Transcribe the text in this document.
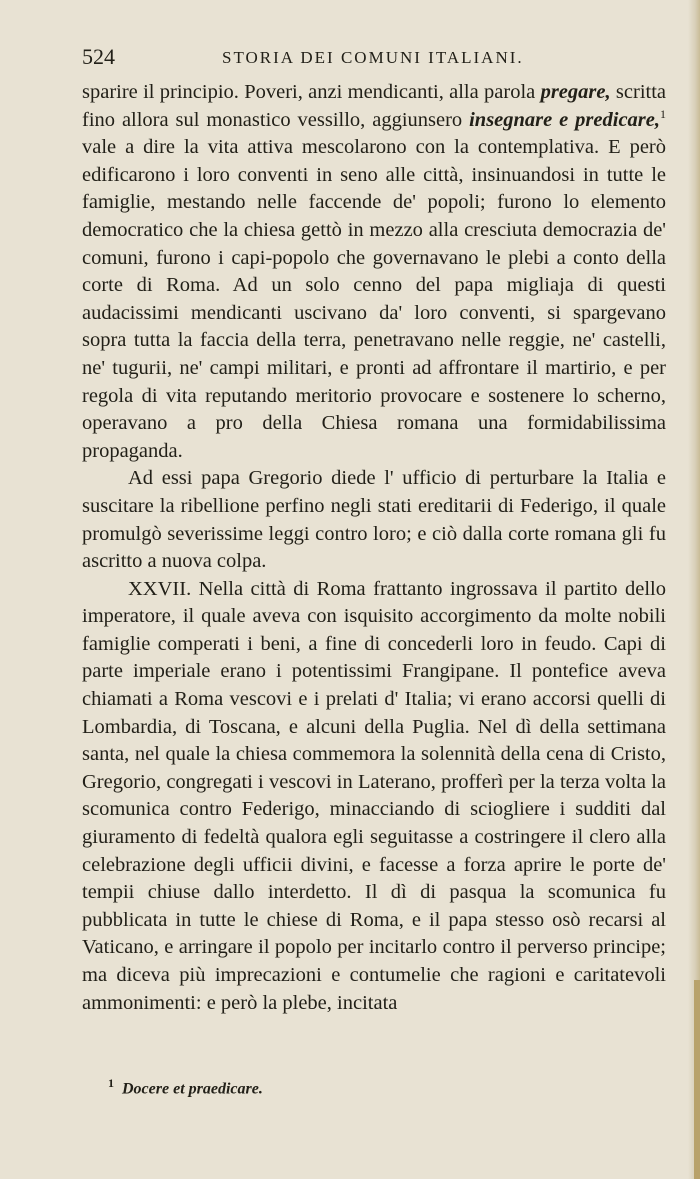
524	STORIA DEI COMUNI ITALIANI.

sparire il principio. Poveri, anzi mendicanti, alla parola pregare, scritta fino allora sul monastico vessillo, aggiunsero insegnare e predicare,$^1$ vale a dire la vita attiva mescolarono con la contemplativa. E però edificarono i loro conventi in seno alle città, insinuandosi in tutte le famiglie, mestando nelle faccende de' popoli; furono lo elemento democratico che la chiesa gettò in mezzo alla cresciuta democrazia de' comuni, furono i capi-popolo che governavano le plebi a conto della corte di Roma. Ad un solo cenno del papa migliaja di questi audacissimi mendicanti uscivano da' loro conventi, si spargevano sopra tutta la faccia della terra, penetravano nelle reggie, ne' castelli, ne' tugurii, ne' campi militari, e pronti ad affrontare il martirio, e per regola di vita reputando meritorio provocare e sostenere lo scherno, operavano a pro della Chiesa romana una formidabilissima propaganda.

Ad essi papa Gregorio diede l' ufficio di perturbare la Italia e suscitare la ribellione perfino negli stati ereditarii di Federigo, il quale promulgò severissime leggi contro loro; e ciò dalla corte romana gli fu ascritto a nuova colpa.

XXVII. Nella città di Roma frattanto ingrossava il partito dello imperatore, il quale aveva con isquisito accorgimento da molte nobili famiglie comperati i beni, a fine di concederli loro in feudo. Capi di parte imperiale erano i potentissimi Frangipane. Il pontefice aveva chiamati a Roma vescovi e i prelati d' Italia; vi erano accorsi quelli di Lombardia, di Toscana, e alcuni della Puglia. Nel dì della settimana santa, nel quale la chiesa commemora la solennità della cena di Cristo, Gregorio, congregati i vescovi in Laterano, profferì per la terza volta la scomunica contro Federigo, minacciando di sciogliere i sudditi dal giuramento di fedeltà qualora egli seguitasse a costringere il clero alla celebrazione degli ufficii divini, e facesse a forza aprire le porte de' tempii chiuse dallo interdetto. Il dì di pasqua la scomunica fu pubblicata in tutte le chiese di Roma, e il papa stesso osò recarsi al Vaticano, e arringare il popolo per incitarlo contro il perverso principe; ma diceva più imprecazioni e contumelie che ragioni e caritatevoli ammonimenti: e però la plebe, incitata

$^1$ Docere et praedicare.
